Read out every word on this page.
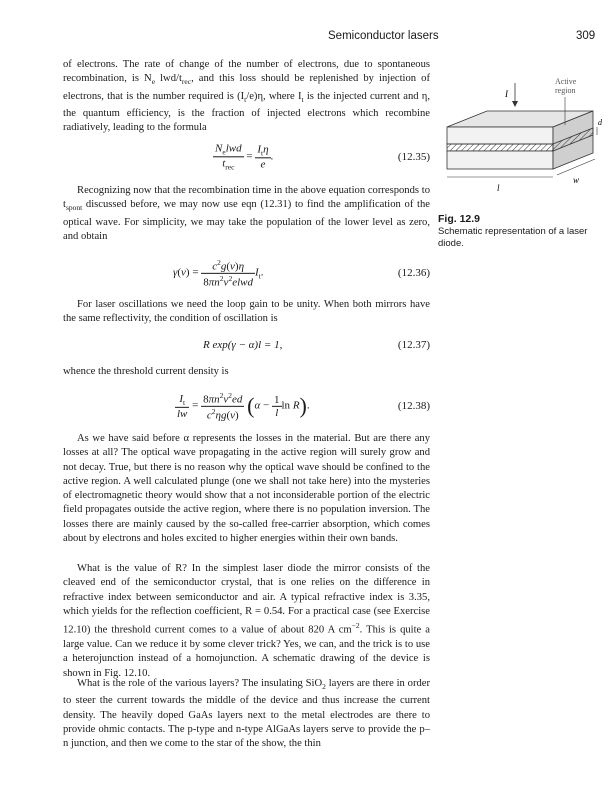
Semiconductor lasers	309

of electrons. The rate of change of the number of electrons, due to spontaneous recombination, is $N_e$ lwd/$t_{rec}$, and this loss should be replenished by injection of electrons, that is the number required is $(I_t/e)\eta$, where $I_t$ is the injected current and η, the quantum efficiency, is the fraction of injected electrons which recombine radiatively, leading to the formula

$\frac{N_elwd}{t_{rec}} = \frac{I_t\eta}{e}$ .	(12.35)

Recognizing now that the recombination time in the above equation corresponds to $t_{spont}$ discussed before, we may now use eqn (12.31) to find the amplification of the optical wave. For simplicity, we may take the population of the lower level as zero, and obtain

$\gamma(\nu) = \frac{c^2g(\nu)\eta}{8\pi n^2\nu^2elwd} I_t$.	(12.36)

For laser oscillations we need the loop gain to be unity. When both mirrors have the same reflectivity, the condition of oscillation is

R exp(γ − α)l = 1,	(12.37)

whence the threshold current density is

$\frac{I_t}{lw} = \frac{8\pi n^2\nu^2ed}{c^2\eta g(\nu)} (\alpha - \frac{1}{l}$ ln R).	(12.38)

As we have said before α represents the losses in the material. But are there any losses at all? The optical wave propagating in the active region will surely grow and not decay. True, but there is no reason why the optical wave should be confined to the active region. A well calculated plunge (one we shall not take here) into the mysteries of electromagnetic theory would show that a not inconsiderable portion of the electric field propagates outside the active region, where there is no population inversion. The losses there are mainly caused by the so-called free-carrier absorption, which comes about by electrons and holes excited to higher energies within their own bands.

What is the value of R? In the simplest laser diode the mirror consists of the cleaved end of the semiconductor crystal, that is one relies on the difference in refractive index between semiconductor and air. A typical refractive index is 3.35, which yields for the reflection coefficient, R = 0.54. For a practical case (see Exercise 12.10) the threshold current comes to a value of about 820 A $cm^{-2}$. This is quite a large value. Can we reduce it by some clever trick? Yes, we can, and the trick is to use a heterojunction instead of a homojunction. A schematic drawing of the device is shown in Fig. 12.10.

What is the role of the various layers? The insulating SiO$_2$ layers are there in order to steer the current towards the middle of the device and thus increase the current density. The heavily doped GaAs layers next to the metal electrodes are there to provide ohmic contacts. The p-type and n-type AlGaAs layers serve to provide the p–n junction, and then we come to the star of the show, the thin

I
Active
region
d
l
w
Fig. 12.9
Schematic representation of a laser diode.
